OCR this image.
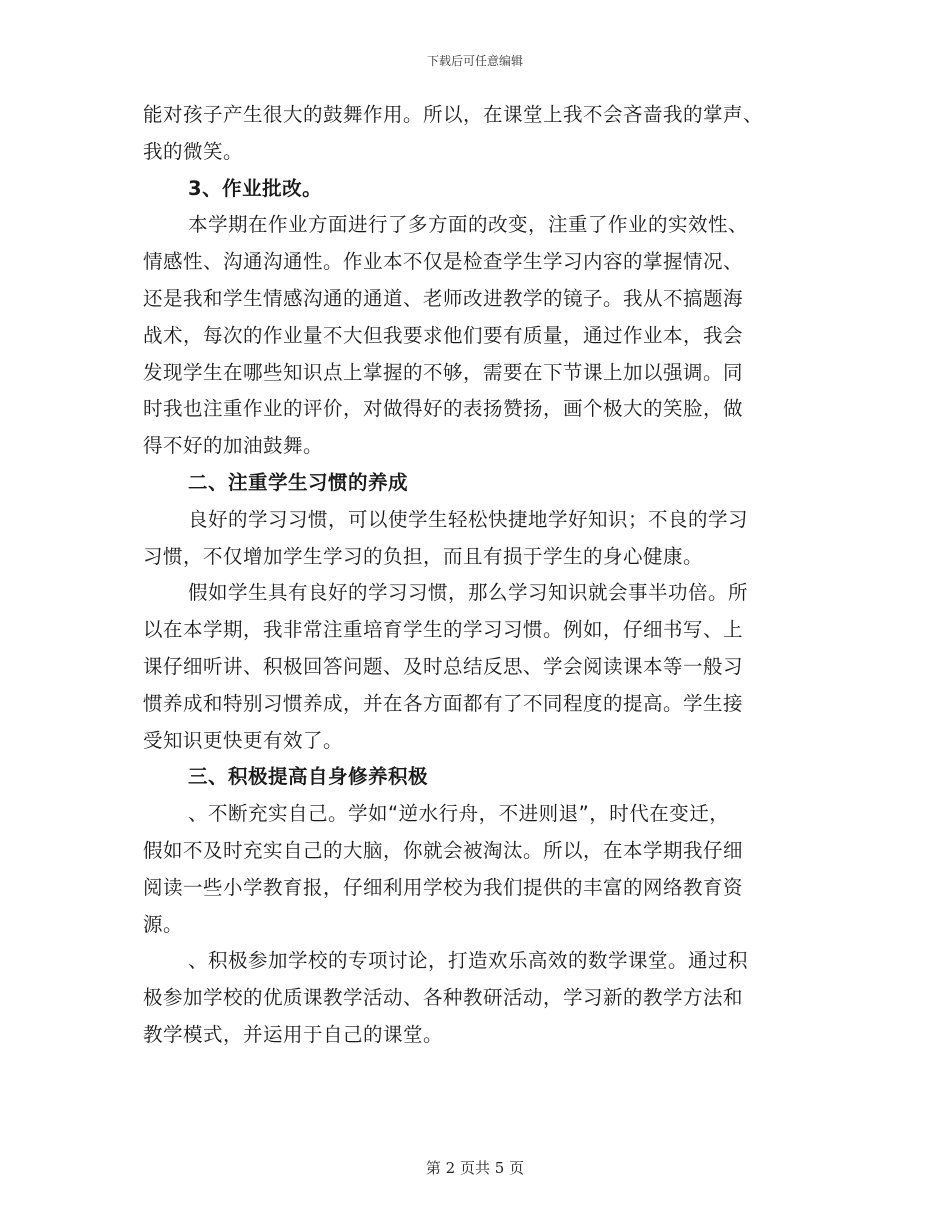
下载后可任意编辑
能对孩子产生很大的鼓舞作用。所以，在课堂上我不会吝啬我的掌声、
我的微笑。
3、作业批改。
本学期在作业方面进行了多方面的改变，注重了作业的实效性、
情感性、沟通沟通性。作业本不仅是检查学生学习内容的掌握情况、
还是我和学生情感沟通的通道、老师改进教学的镜子。我从不搞题海
战术，每次的作业量不大但我要求他们要有质量，通过作业本，我会
发现学生在哪些知识点上掌握的不够，需要在下节课上加以强调。同
时我也注重作业的评价，对做得好的表扬赞扬，画个极大的笑脸，做
得不好的加油鼓舞。
二、注重学生习惯的养成
良好的学习习惯，可以使学生轻松快捷地学好知识；不良的学习
习惯，不仅增加学生学习的负担，而且有损于学生的身心健康。
假如学生具有良好的学习习惯，那么学习知识就会事半功倍。所
以在本学期，我非常注重培育学生的学习习惯。例如，仔细书写、上
课仔细听讲、积极回答问题、及时总结反思、学会阅读课本等一般习
惯养成和特别习惯养成，并在各方面都有了不同程度的提高。学生接
受知识更快更有效了。
三、积极提高自身修养积极
、不断充实自己。学如“逆水行舟，不进则退”，时代在变迁，
假如不及时充实自己的大脑，你就会被淘汰。所以，在本学期我仔细
阅读一些小学教育报，仔细利用学校为我们提供的丰富的网络教育资
源。
、积极参加学校的专项讨论，打造欢乐高效的数学课堂。通过积
极参加学校的优质课教学活动、各种教研活动，学习新的教学方法和
教学模式，并运用于自己的课堂。
第 2 页共 5 页
